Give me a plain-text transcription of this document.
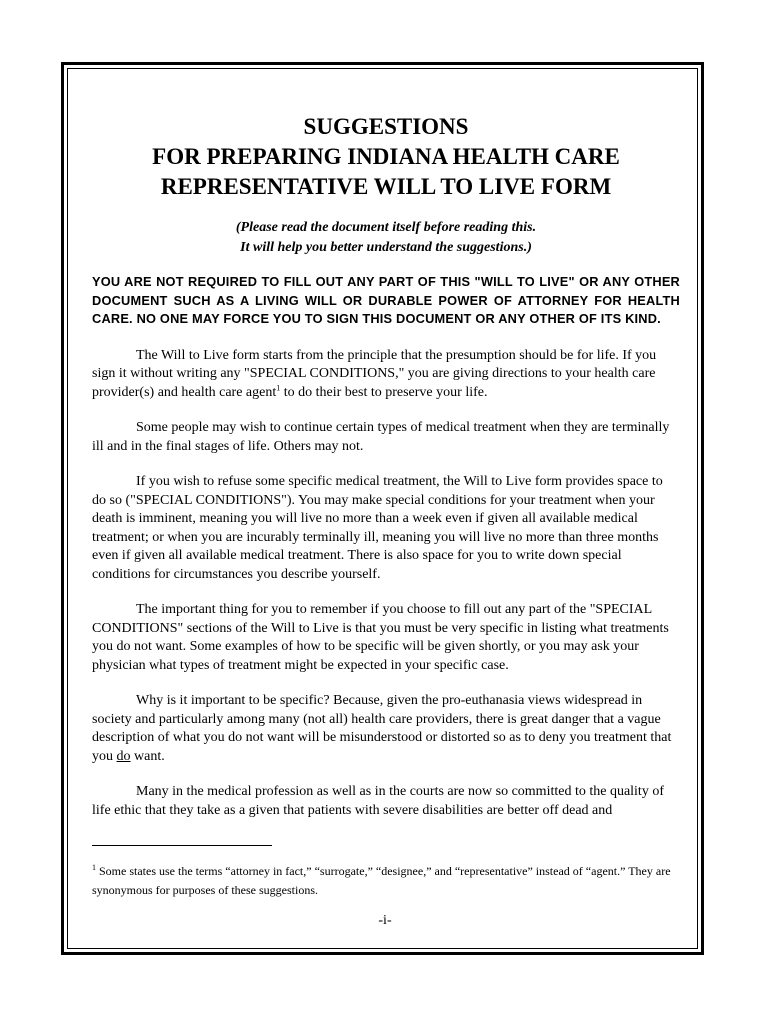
SUGGESTIONS
FOR PREPARING INDIANA HEALTH CARE
REPRESENTATIVE WILL TO LIVE FORM
(Please read the document itself before reading this.
It will help you better understand the suggestions.)
YOU ARE NOT REQUIRED TO FILL OUT ANY PART OF THIS "WILL TO LIVE" OR ANY OTHER DOCUMENT SUCH AS A LIVING WILL OR DURABLE POWER OF ATTORNEY FOR HEALTH CARE. NO ONE MAY FORCE YOU TO SIGN THIS DOCUMENT OR ANY OTHER OF ITS KIND.

The Will to Live form starts from the principle that the presumption should be for life. If you sign it without writing any "SPECIAL CONDITIONS," you are giving directions to your health care provider(s) and health care agent$^1$ to do their best to preserve your life.

Some people may wish to continue certain types of medical treatment when they are terminally ill and in the final stages of life. Others may not.

If you wish to refuse some specific medical treatment, the Will to Live form provides space to do so ("SPECIAL CONDITIONS"). You may make special conditions for your treatment when your death is imminent, meaning you will live no more than a week even if given all available medical treatment; or when you are incurably terminally ill, meaning you will live no more than three months even if given all available medical treatment. There is also space for you to write down special conditions for circumstances you describe yourself.

The important thing for you to remember if you choose to fill out any part of the "SPECIAL CONDITIONS" sections of the Will to Live is that you must be very specific in listing what treatments you do not want. Some examples of how to be specific will be given shortly, or you may ask your physician what types of treatment might be expected in your specific case.

Why is it important to be specific? Because, given the pro-euthanasia views widespread in society and particularly among many (not all) health care providers, there is great danger that a vague description of what you do not want will be misunderstood or distorted so as to deny you treatment that you do want.

Many in the medical profession as well as in the courts are now so committed to the quality of life ethic that they take as a given that patients with severe disabilities are better off dead and

$^1$ Some states use the terms “attorney in fact,” “surrogate,” “designee,” and “representative” instead of “agent.” They are synonymous for purposes of these suggestions.
-i-
